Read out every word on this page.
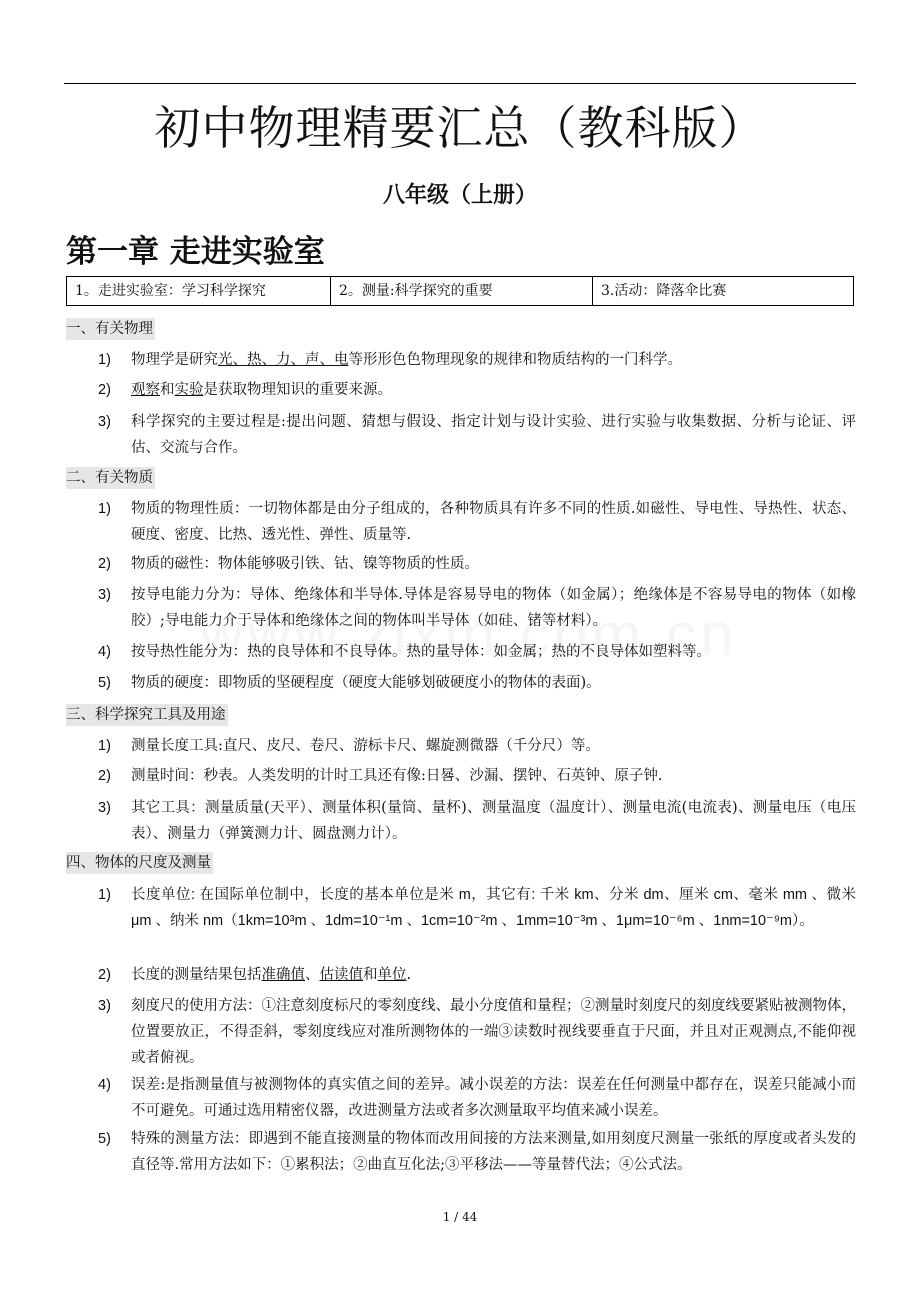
初中物理精要汇总（教科版）
八年级（上册）
第一章 走进实验室
1。走进实验室：学习科学探究	2。测量:科学探究的重要	3.活动：降落伞比赛
一、有关物理
1)	物理学是研究光、热、力、声、电等形形色色物理现象的规律和物质结构的一门科学。
2)	观察和实验是获取物理知识的重要来源。
3)	科学探究的主要过程是:提出问题、猜想与假设、指定计划与设计实验、进行实验与收集数据、分析与论证、评估、交流与合作。
二、有关物质
1)	物质的物理性质：一切物体都是由分子组成的，各种物质具有许多不同的性质.如磁性、导电性、导热性、状态、硬度、密度、比热、透光性、弹性、质量等.
2)	物质的磁性：物体能够吸引铁、钴、镍等物质的性质。
3)	按导电能力分为：导体、绝缘体和半导体.导体是容易导电的物体（如金属）；绝缘体是不容易导电的物体（如橡胶）;导电能力介于导体和绝缘体之间的物体叫半导体（如硅、锗等材料）。
4)	按导热性能分为：热的良导体和不良导体。热的量导体：如金属；热的不良导体如塑料等。
5)	物质的硬度：即物质的坚硬程度（硬度大能够划破硬度小的物体的表面)。
三、科学探究工具及用途
1)	测量长度工具:直尺、皮尺、卷尺、游标卡尺、螺旋测微器（千分尺）等。
2)	测量时间：秒表。人类发明的计时工具还有像:日晷、沙漏、摆钟、石英钟、原子钟.
3)	其它工具：测量质量(天平）、测量体积(量筒、量杯)、测量温度（温度计）、测量电流(电流表)、测量电压（电压表）、测量力（弹簧测力计、圆盘测力计）。
四、物体的尺度及测量
1)	长度单位: 在国际单位制中，长度的基本单位是米 m，其它有: 千米 km、分米 dm、厘米 cm、毫米 mm 、微米 μm 、纳米 nm（1km=10³m 、1dm=10⁻¹m 、1cm=10⁻²m 、1mm=10⁻³m 、1μm=10⁻⁶m 、1nm=10⁻⁹m）。
2)	长度的测量结果包括准确值、估读值和单位.
3)	刻度尺的使用方法：①注意刻度标尺的零刻度线、最小分度值和量程；②测量时刻度尺的刻度线要紧贴被测物体，位置要放正，不得歪斜，零刻度线应对准所测物体的一端③读数时视线要垂直于尺面，并且对正观测点,不能仰视或者俯视。
4)	误差:是指测量值与被测物体的真实值之间的差异。减小误差的方法：误差在任何测量中都存在，误差只能减小而不可避免。可通过选用精密仪器，改进测量方法或者多次测量取平均值来减小误差。
5)	特殊的测量方法：即遇到不能直接测量的物体而改用间接的方法来测量,如用刻度尺测量一张纸的厚度或者头发的直径等.常用方法如下：①累积法；②曲直互化法;③平移法——等量替代法；④公式法。
1 / 44
